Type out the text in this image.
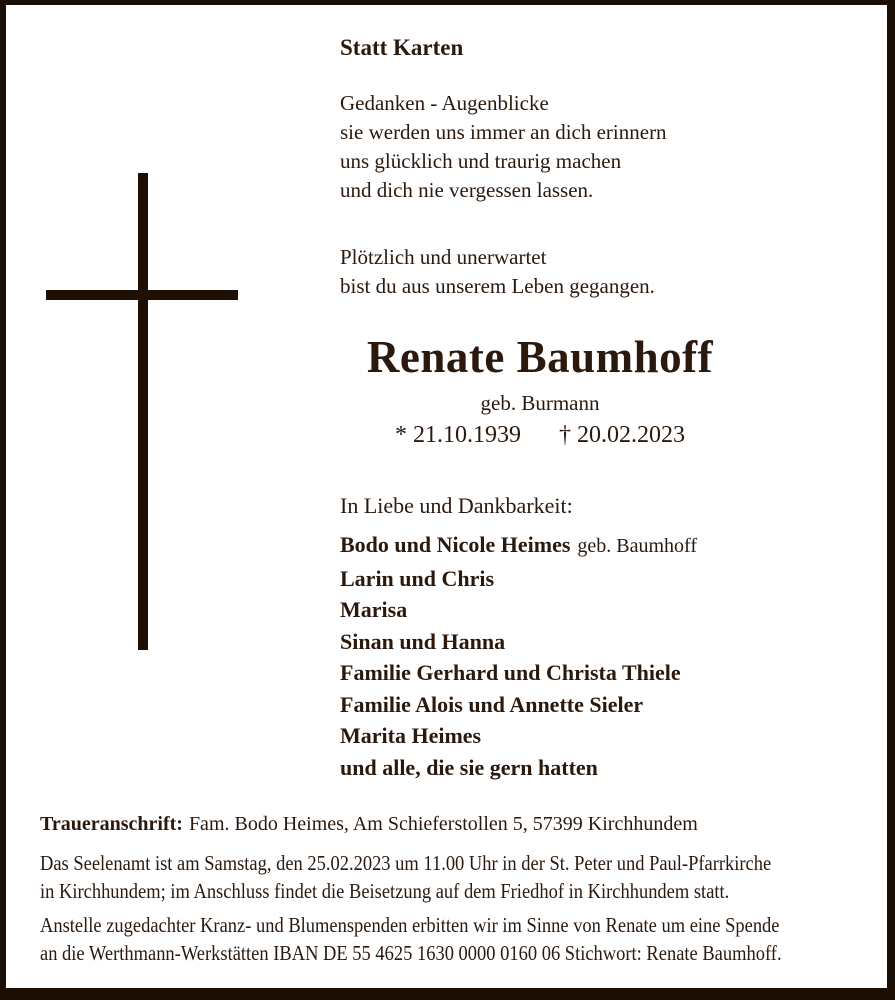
Statt Karten
Gedanken - Augenblicke
sie werden uns immer an dich erinnern
uns glücklich und traurig machen
und dich nie vergessen lassen.
Plötzlich und unerwartet
bist du aus unserem Leben gegangen.
Renate Baumhoff
geb. Burmann
* 21.10.1939 † 20.02.2023
In Liebe und Dankbarkeit:
Bodo und Nicole Heimes geb. Baumhoff
Larin und Chris
Marisa
Sinan und Hanna
Familie Gerhard und Christa Thiele
Familie Alois und Annette Sieler
Marita Heimes
und alle, die sie gern hatten
Traueranschrift: Fam. Bodo Heimes, Am Schieferstollen 5, 57399 Kirchhundem
Das Seelenamt ist am Samstag, den 25.02.2023 um 11.00 Uhr in der St. Peter und Paul-Pfarrkirche
in Kirchhundem; im Anschluss findet die Beisetzung auf dem Friedhof in Kirchhundem statt.
Anstelle zugedachter Kranz- und Blumenspenden erbitten wir im Sinne von Renate um eine Spende
an die Werthmann-Werkstätten IBAN DE 55 4625 1630 0000 0160 06 Stichwort: Renate Baumhoff.
